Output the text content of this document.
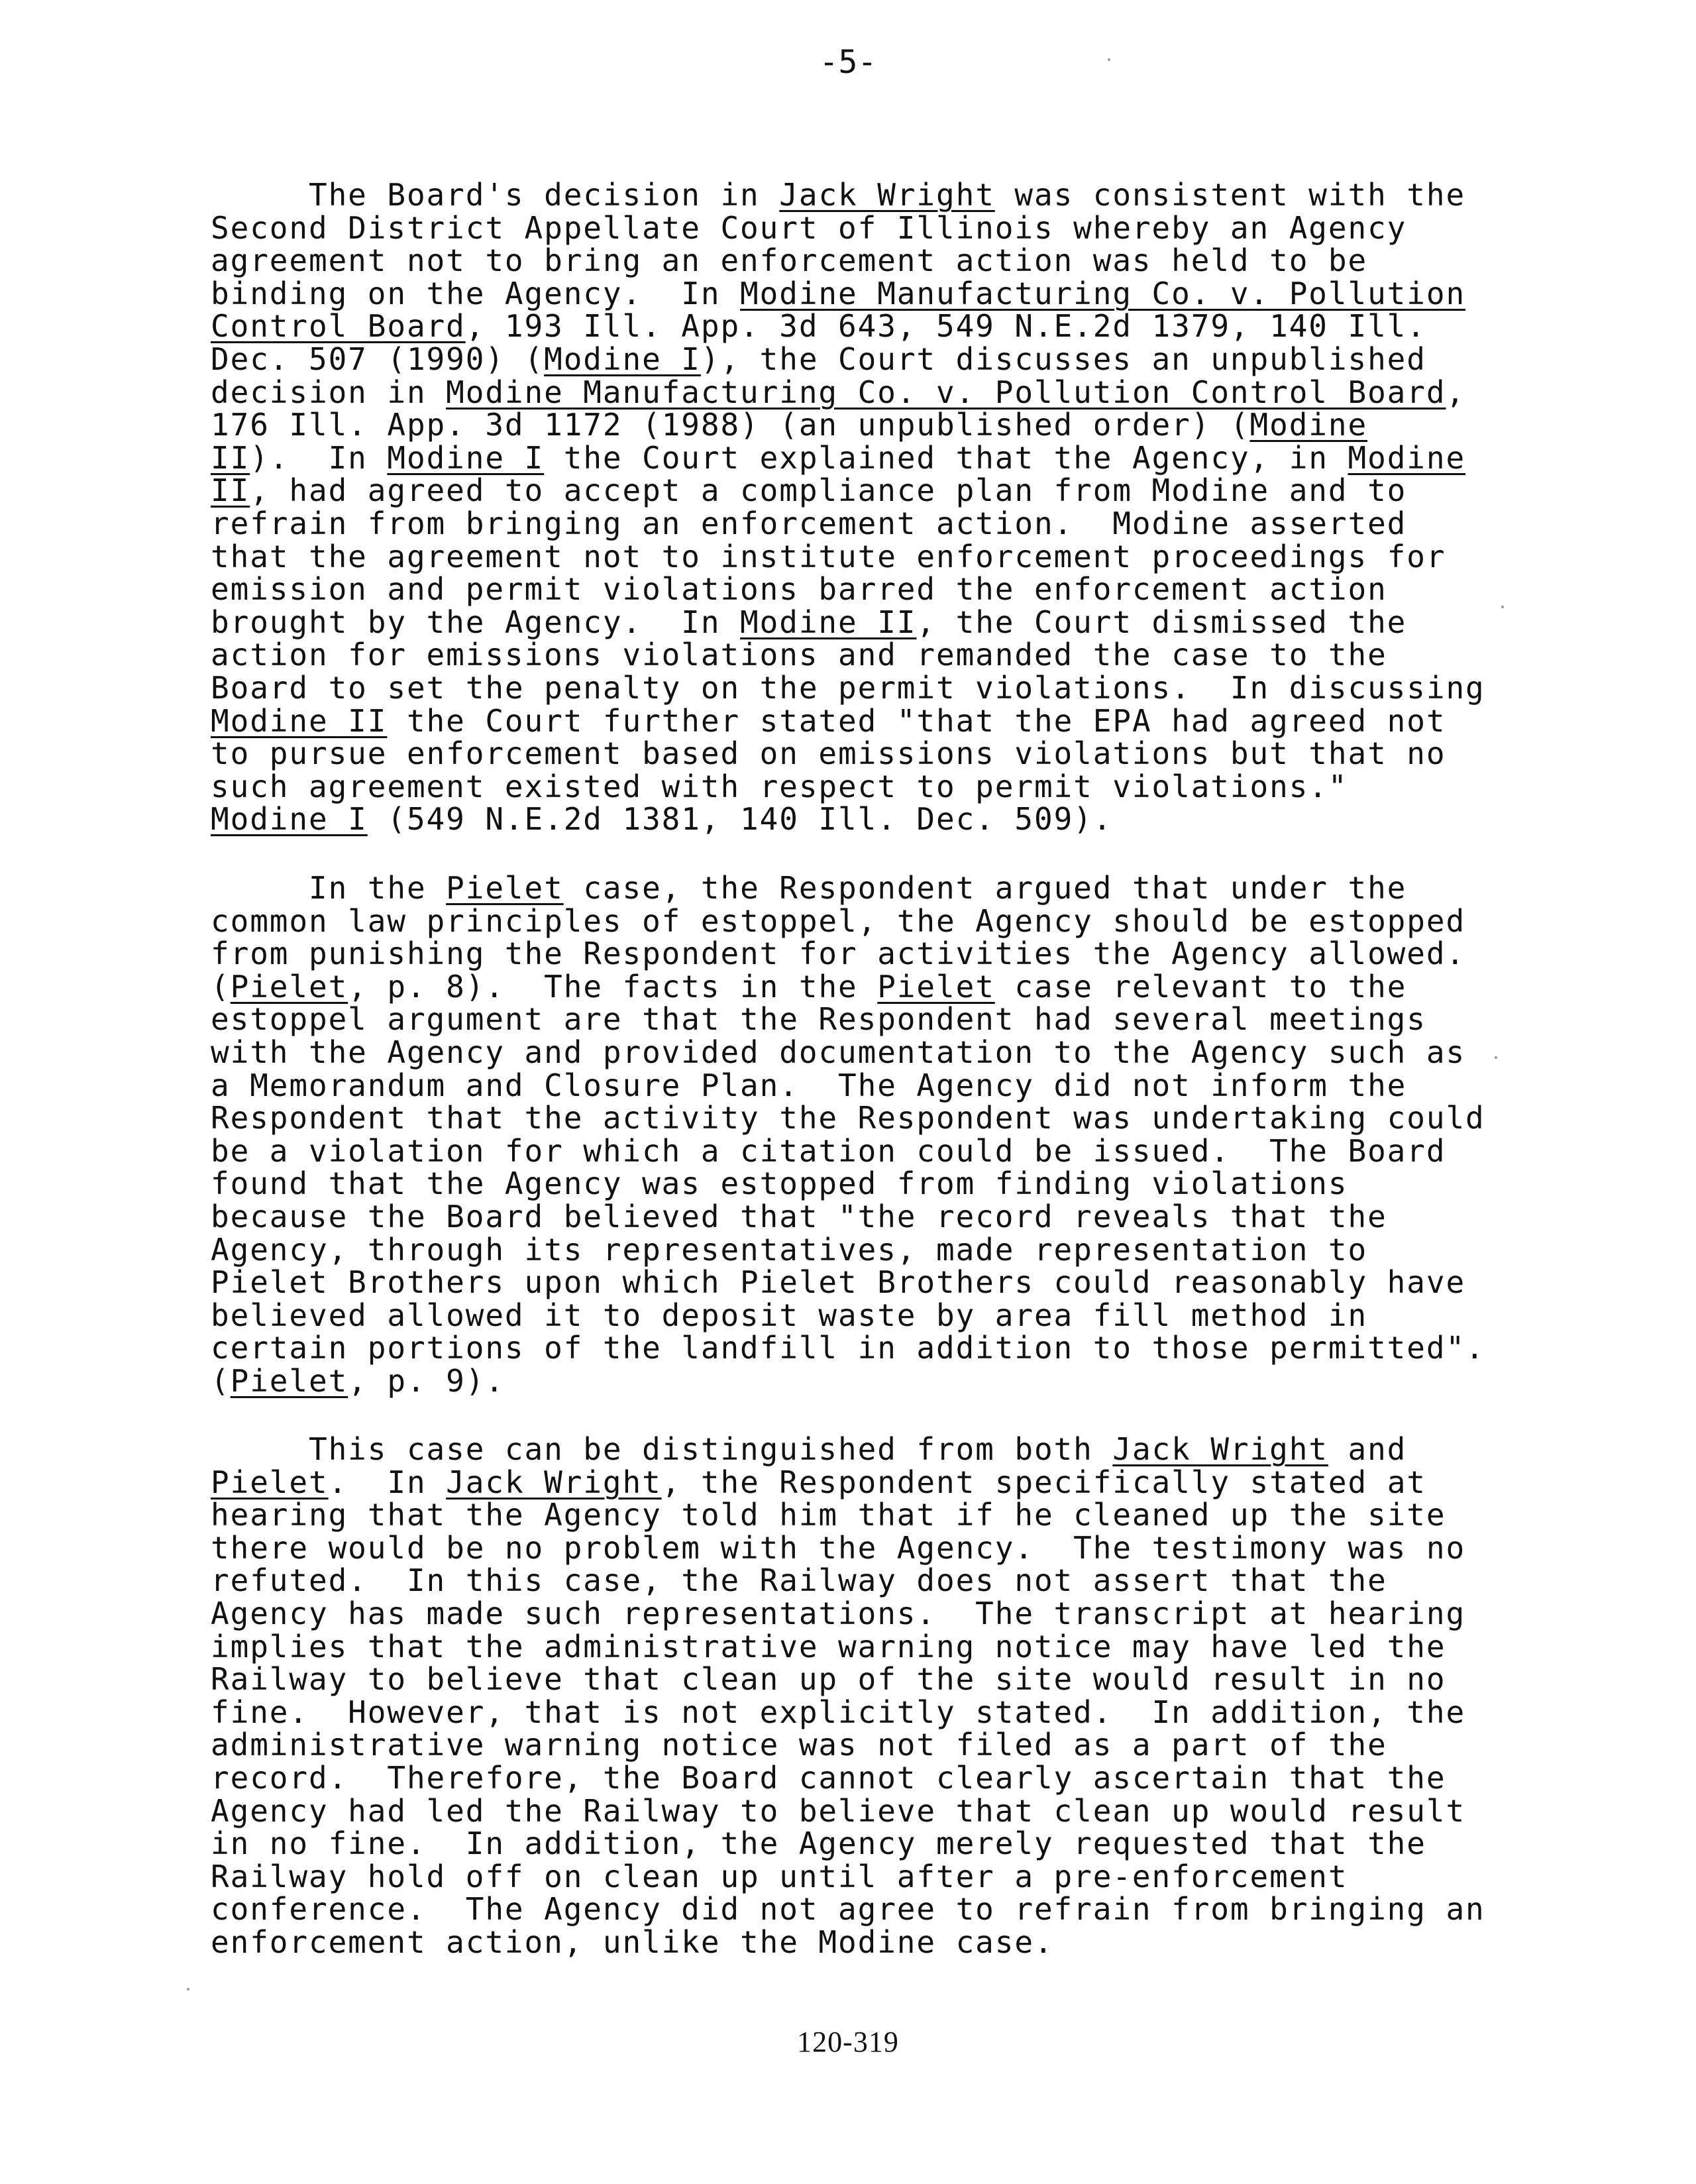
-5-
The Board's decision in Jack Wright was consistent with the
Second District Appellate Court of Illinois whereby an Agency
agreement not to bring an enforcement action was held to be
binding on the Agency.  In Modine Manufacturing Co. v. Pollution
Control Board, 193 Ill. App. 3d 643, 549 N.E.2d 1379, 140 Ill.
Dec. 507 (1990) (Modine I), the Court discusses an unpublished
decision in Modine Manufacturing Co. v. Pollution Control Board,
176 Ill. App. 3d 1172 (1988) (an unpublished order) (Modine
II).  In Modine I the Court explained that the Agency, in Modine
II, had agreed to accept a compliance plan from Modine and to
refrain from bringing an enforcement action.  Modine asserted
that the agreement not to institute enforcement proceedings for
emission and permit violations barred the enforcement action
brought by the Agency.  In Modine II, the Court dismissed the
action for emissions violations and remanded the case to the
Board to set the penalty on the permit violations.  In discussing
Modine II the Court further stated "that the EPA had agreed not
to pursue enforcement based on emissions violations but that no
such agreement existed with respect to permit violations."
Modine I (549 N.E.2d 1381, 140 Ill. Dec. 509).
In the Pielet case, the Respondent argued that under the
common law principles of estoppel, the Agency should be estopped
from punishing the Respondent for activities the Agency allowed.
(Pielet, p. 8).  The facts in the Pielet case relevant to the
estoppel argument are that the Respondent had several meetings
with the Agency and provided documentation to the Agency such as
a Memorandum and Closure Plan.  The Agency did not inform the
Respondent that the activity the Respondent was undertaking could
be a violation for which a citation could be issued.  The Board
found that the Agency was estopped from finding violations
because the Board believed that "the record reveals that the
Agency, through its representatives, made representation to
Pielet Brothers upon which Pielet Brothers could reasonably have
believed allowed it to deposit waste by area fill method in
certain portions of the landfill in addition to those permitted".
(Pielet, p. 9).
This case can be distinguished from both Jack Wright and
Pielet.  In Jack Wright, the Respondent specifically stated at
hearing that the Agency told him that if he cleaned up the site
there would be no problem with the Agency.  The testimony was no
refuted.  In this case, the Railway does not assert that the
Agency has made such representations.  The transcript at hearing
implies that the administrative warning notice may have led the
Railway to believe that clean up of the site would result in no
fine.  However, that is not explicitly stated.  In addition, the
administrative warning notice was not filed as a part of the
record.  Therefore, the Board cannot clearly ascertain that the
Agency had led the Railway to believe that clean up would result
in no fine.  In addition, the Agency merely requested that the
Railway hold off on clean up until after a pre-enforcement
conference.  The Agency did not agree to refrain from bringing an
enforcement action, unlike the Modine case.
120-319
